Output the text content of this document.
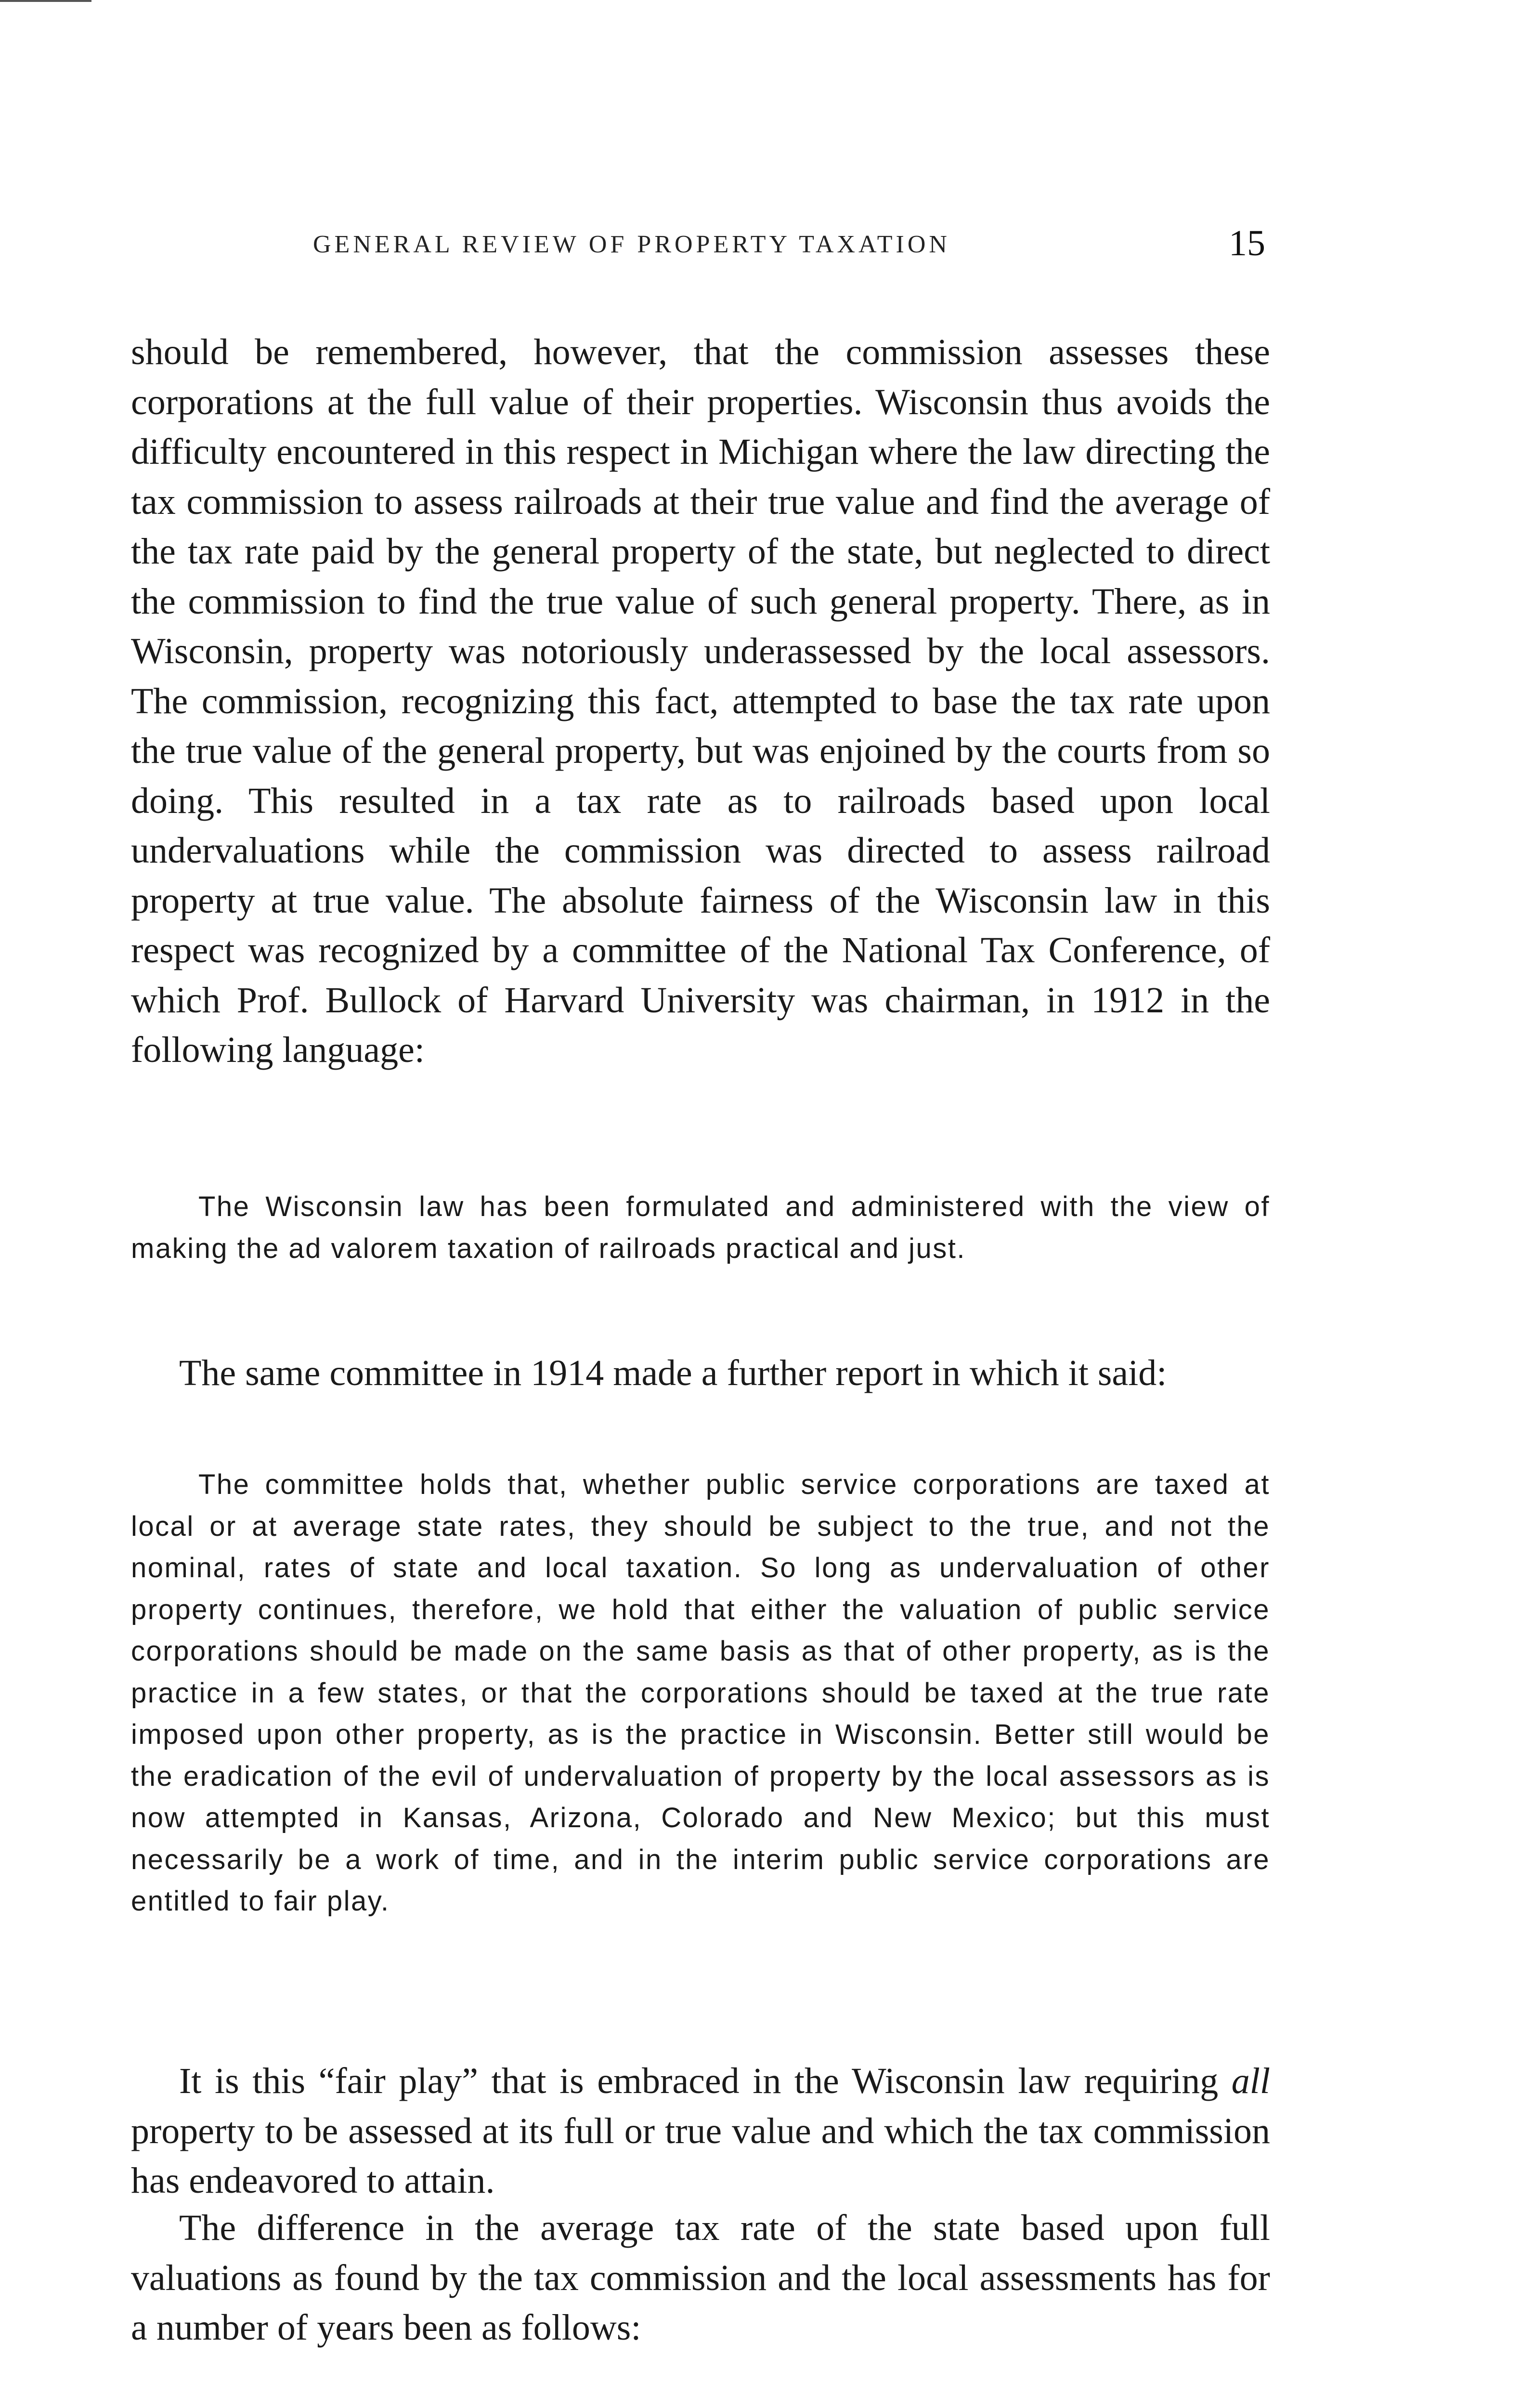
GENERAL REVIEW OF PROPERTY TAXATION	15

should be remembered, however, that the commission assesses these corporations at the full value of their properties. Wisconsin thus avoids the difficulty encountered in this respect in Michigan where the law directing the tax commission to assess railroads at their true value and find the average of the tax rate paid by the general property of the state, but neglected to direct the commission to find the true value of such general property. There, as in Wisconsin, property was notoriously underassessed by the local assessors. The commission, recognizing this fact, attempted to base the tax rate upon the true value of the general property, but was enjoined by the courts from so doing. This resulted in a tax rate as to railroads based upon local undervaluations while the commission was directed to assess railroad property at true value. The absolute fairness of the Wisconsin law in this respect was recognized by a committee of the National Tax Conference, of which Prof. Bullock of Harvard University was chairman, in 1912 in the following language:

The Wisconsin law has been formulated and administered with the view of making the ad valorem taxation of railroads practical and just.

The same committee in 1914 made a further report in which it said:

The committee holds that, whether public service corporations are taxed at local or at average state rates, they should be subject to the true, and not the nominal, rates of state and local taxation. So long as undervaluation of other property continues, therefore, we hold that either the valuation of public service corporations should be made on the same basis as that of other property, as is the practice in a few states, or that the corporations should be taxed at the true rate imposed upon other property, as is the practice in Wisconsin. Better still would be the eradication of the evil of undervaluation of property by the local assessors as is now attempted in Kansas, Arizona, Colorado and New Mexico; but this must necessarily be a work of time, and in the interim public service corporations are entitled to fair play.

It is this “fair play” that is embraced in the Wisconsin law requiring all property to be assessed at its full or true value and which the tax commission has endeavored to attain.

The difference in the average tax rate of the state based upon full valuations as found by the tax commission and the local assessments has for a number of years been as follows:
